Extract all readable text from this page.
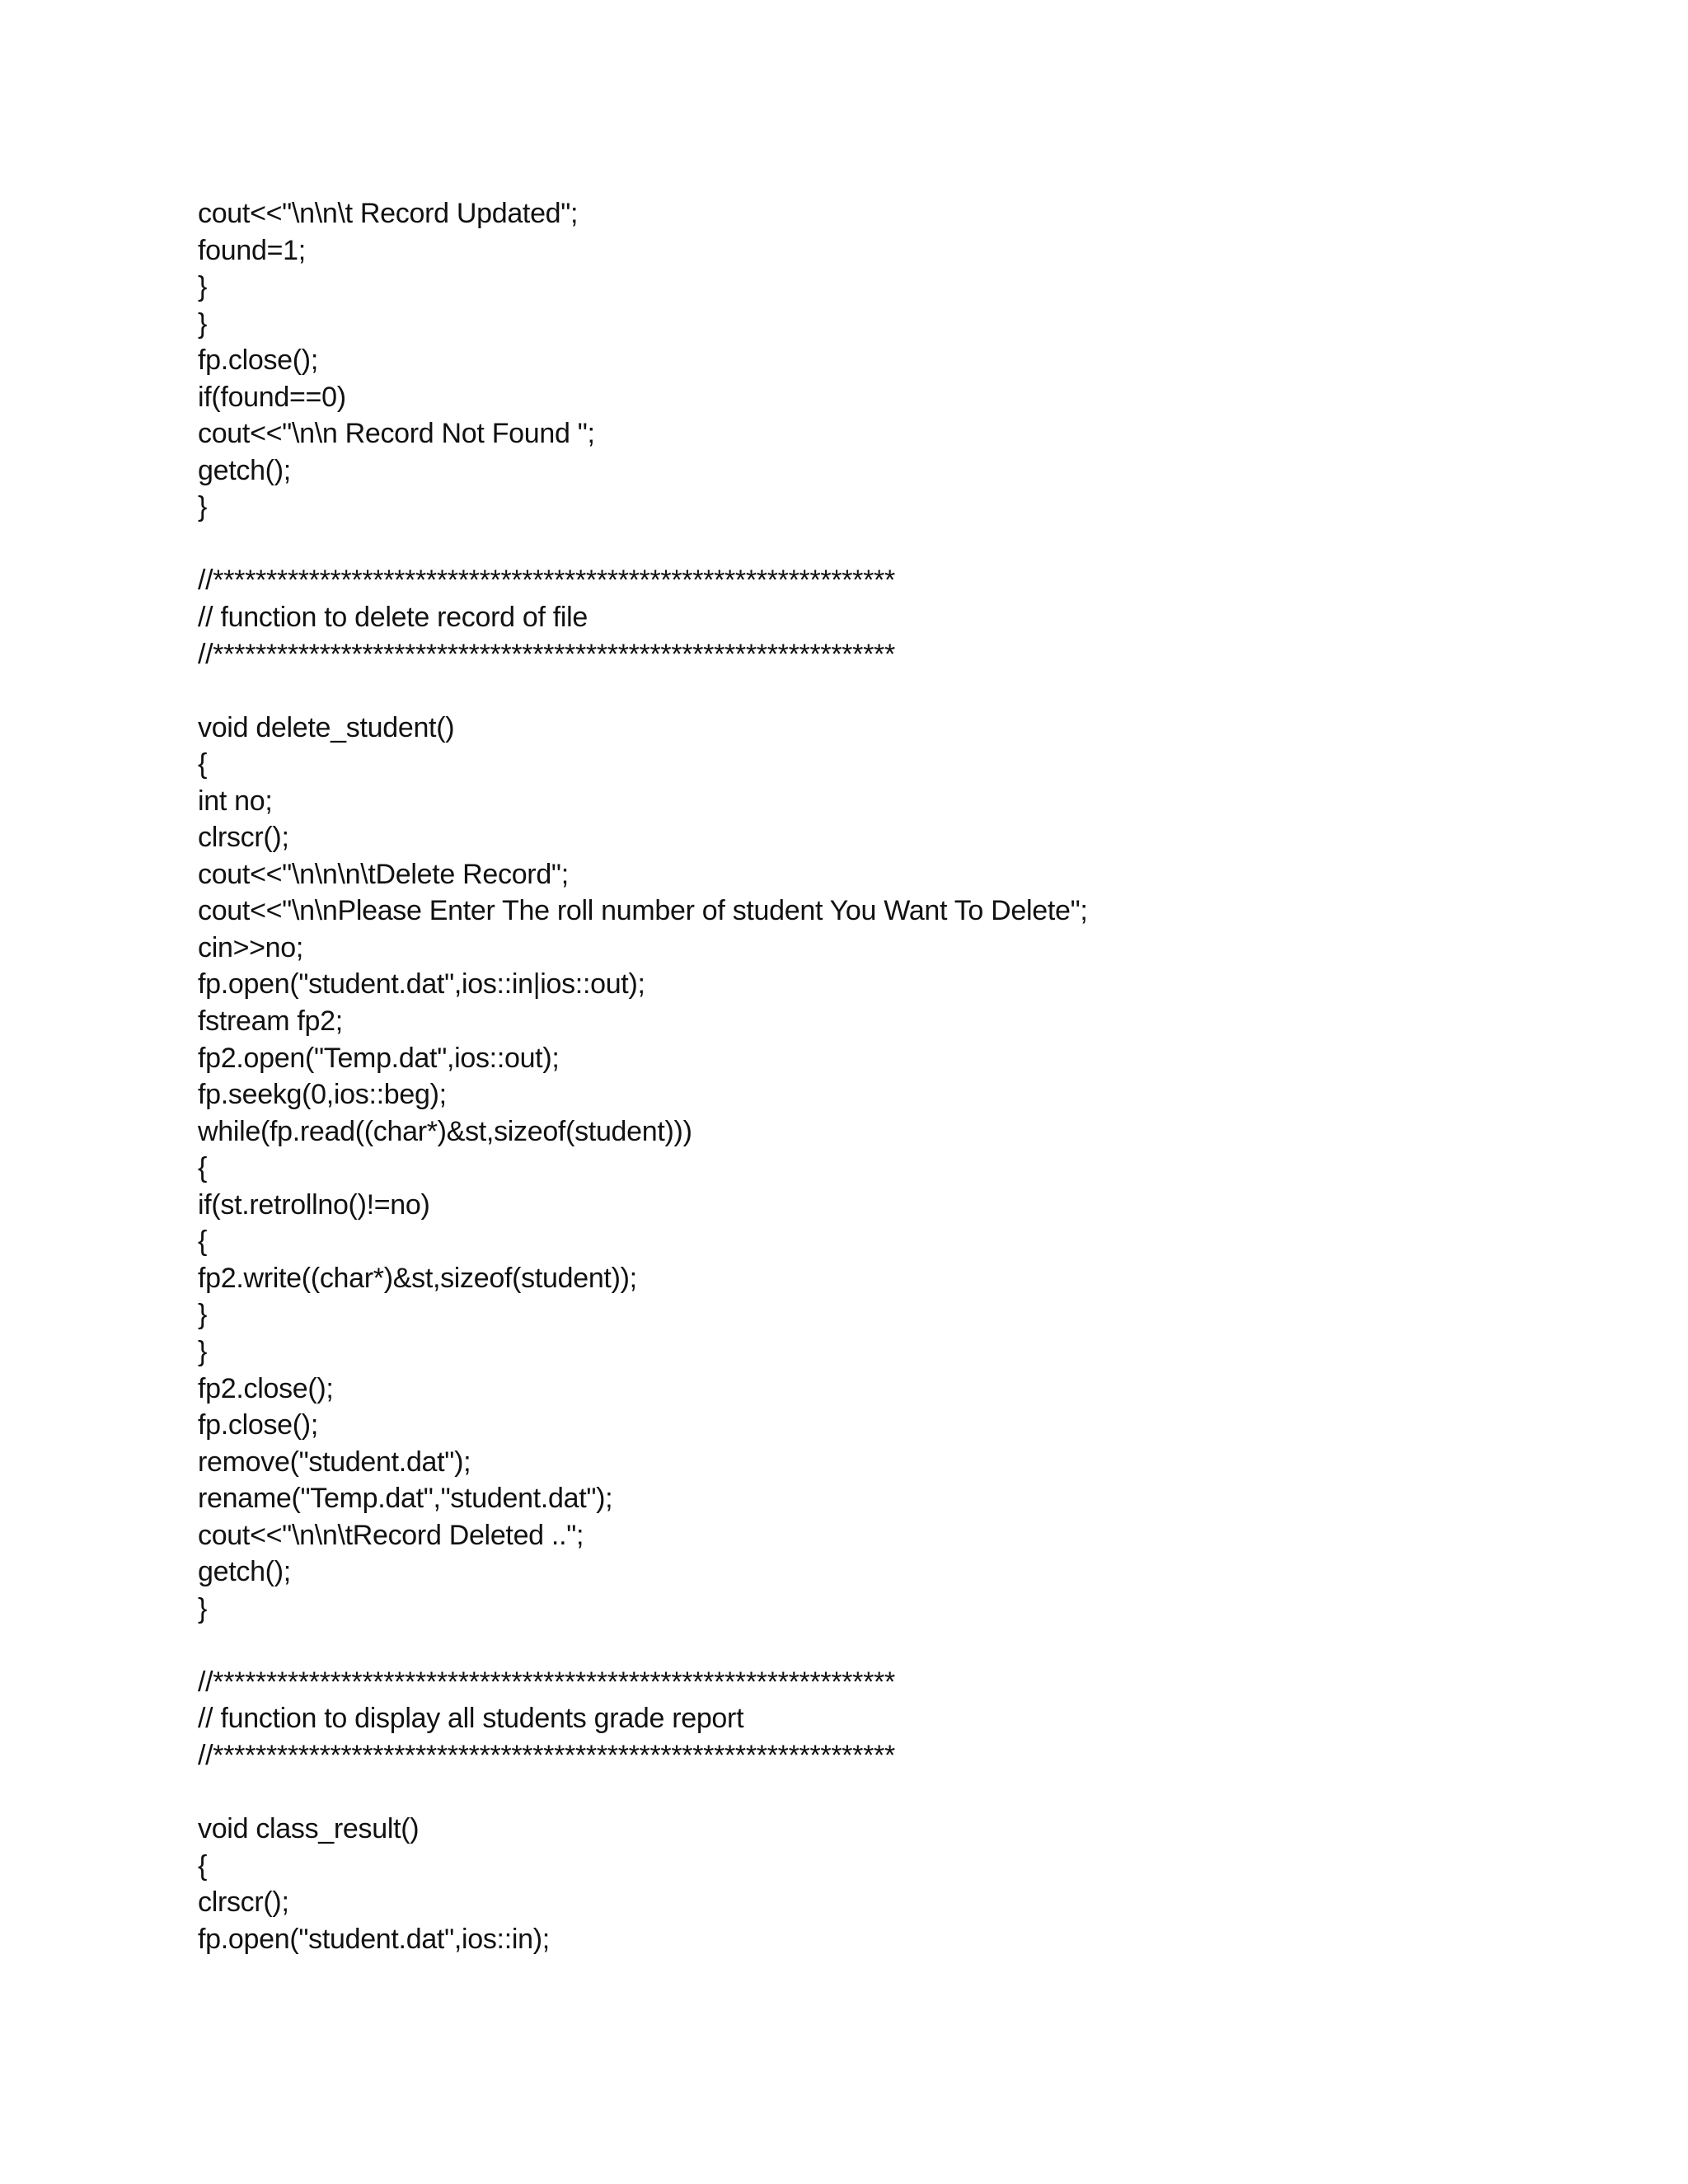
cout<<"\n\n\t Record Updated";
found=1;
}
}
fp.close();
if(found==0)
cout<<"\n\n Record Not Found ";
getch();
}
//****************************************************************
// function to delete record of file
//****************************************************************
void delete_student()
{
int no;
clrscr();
cout<<"\n\n\n\tDelete Record";
cout<<"\n\nPlease Enter The roll number of student You Want To Delete";
cin>>no;
fp.open("student.dat",ios::in|ios::out);
fstream fp2;
fp2.open("Temp.dat",ios::out);
fp.seekg(0,ios::beg);
while(fp.read((char*)&st,sizeof(student)))
{
if(st.retrollno()!=no)
{
fp2.write((char*)&st,sizeof(student));
}
}
fp2.close();
fp.close();
remove("student.dat");
rename("Temp.dat","student.dat");
cout<<"\n\n\tRecord Deleted ..";
getch();
}
//****************************************************************
// function to display all students grade report
//****************************************************************
void class_result()
{
clrscr();
fp.open("student.dat",ios::in);
